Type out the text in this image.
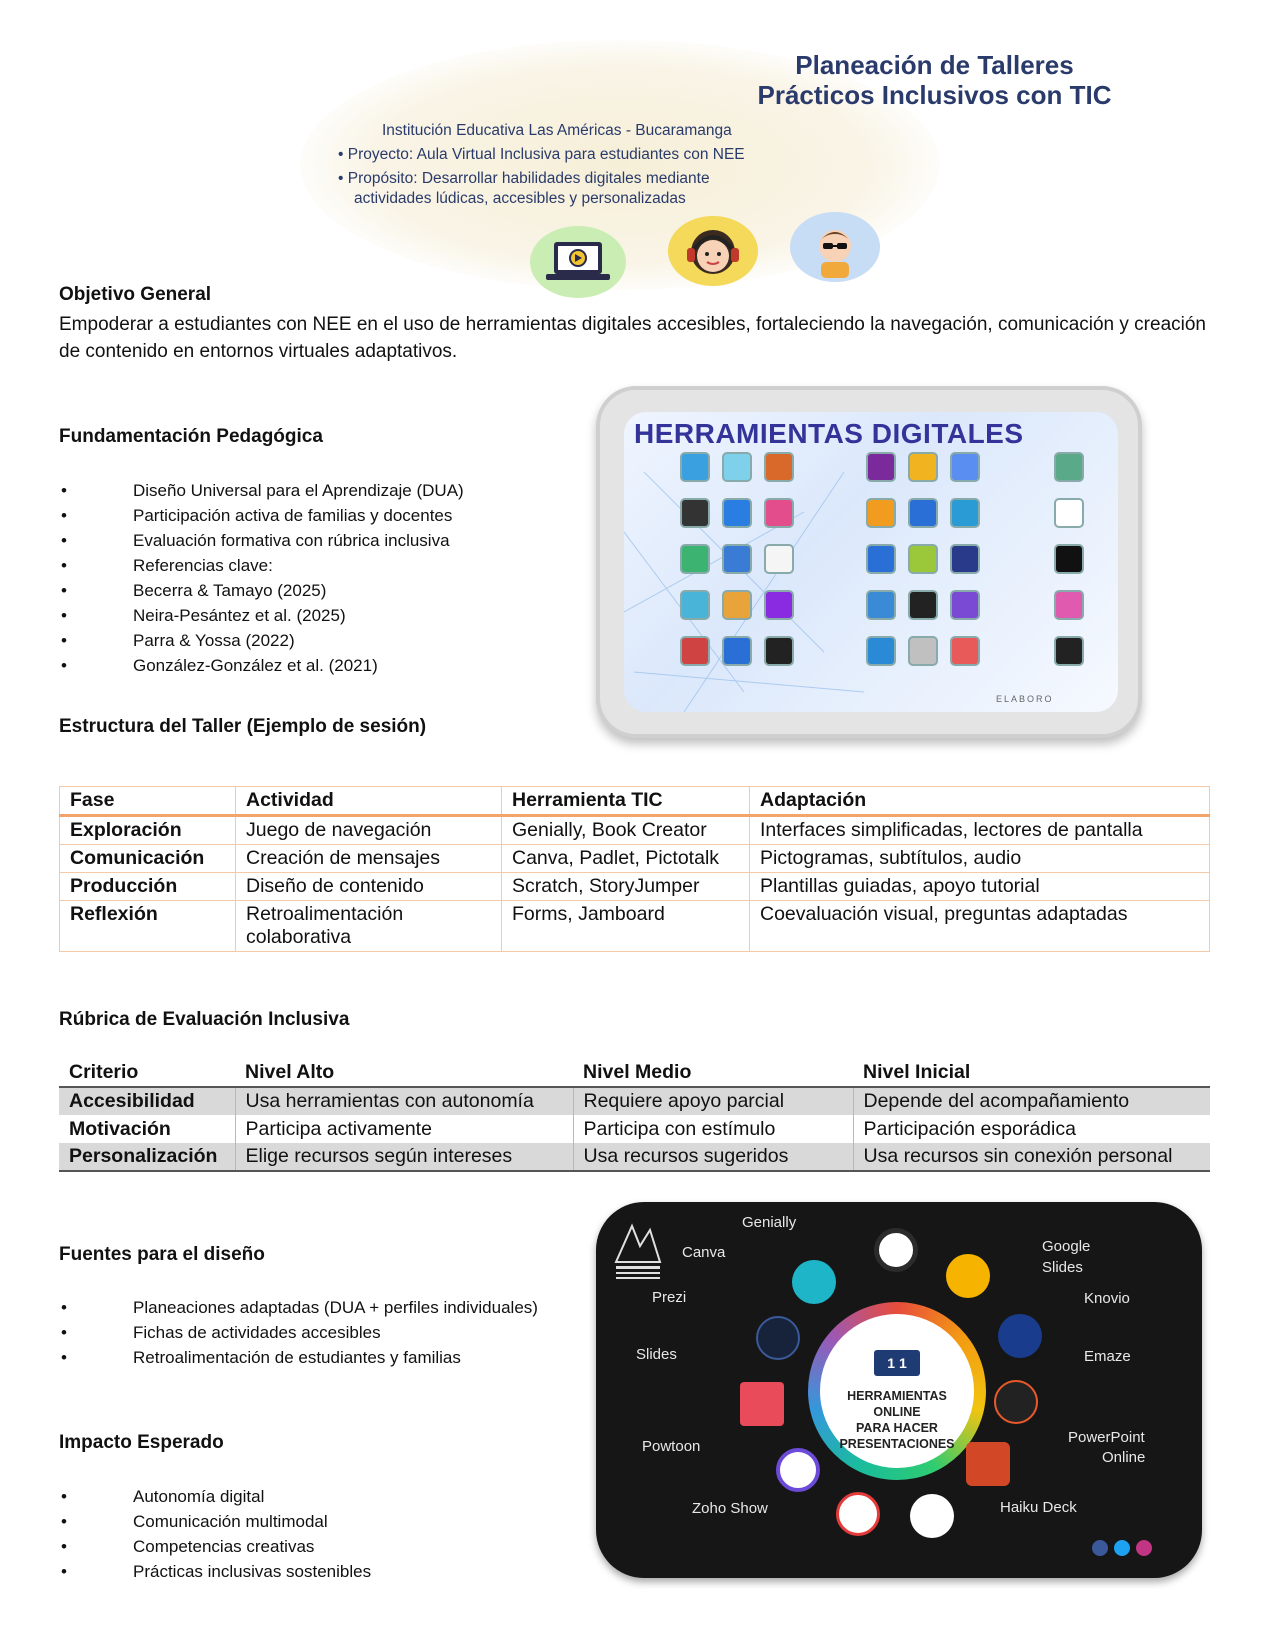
Planeación de Talleres
Prácticos Inclusivos con TIC
Institución Educativa Las Américas - Bucaramanga
• Proyecto: Aula Virtual Inclusiva para estudiantes con NEE
• Propósito: Desarrollar habilidades digitales mediante
actividades lúdicas, accesibles y personalizadas
Objetivo General
Empoderar a estudiantes con NEE en el uso de herramientas digitales accesibles, fortaleciendo la navegación, comunicación y creación de contenido en entornos virtuales adaptativos.
Fundamentación Pedagógica
• Diseño Universal para el Aprendizaje (DUA)
• Participación activa de familias y docentes
• Evaluación formativa con rúbrica inclusiva
• Referencias clave:
• Becerra & Tamayo (2025)
• Neira-Pesántez et al. (2025)
• Parra & Yossa (2022)
• González-González et al. (2021)
HERRAMIENTAS DIGITALES
ELABORO
Estructura del Taller (Ejemplo de sesión)
Fase	Actividad	Herramienta TIC	Adaptación
Exploración	Juego de navegación	Genially, Book Creator	Interfaces simplificadas, lectores de pantalla
Comunicación	Creación de mensajes	Canva, Padlet, Pictotalk	Pictogramas, subtítulos, audio
Producción	Diseño de contenido	Scratch, StoryJumper	Plantillas guiadas, apoyo tutorial
Reflexión	Retroalimentación colaborativa	Forms, Jamboard	Coevaluación visual, preguntas adaptadas
Rúbrica de Evaluación Inclusiva
Criterio	Nivel Alto	Nivel Medio	Nivel Inicial
Accesibilidad	Usa herramientas con autonomía	Requiere apoyo parcial	Depende del acompañamiento
Motivación	Participa activamente	Participa con estímulo	Participación esporádica
Personalización	Elige recursos según intereses	Usa recursos sugeridos	Usa recursos sin conexión personal
Fuentes para el diseño
• Planeaciones adaptadas (DUA + perfiles individuales)
• Fichas de actividades accesibles
• Retroalimentación de estudiantes y familias
Impacto Esperado
• Autonomía digital
• Comunicación multimodal
• Competencias creativas
• Prácticas inclusivas sostenibles
1 1
HERRAMIENTAS
ONLINE
PARA HACER
PRESENTACIONES
Genially
Canva	Google
Slides
Prezi	Knovio
Slides	Emaze
Powtoon
PowerPoint
Online
Zoho Show	Haiku Deck
